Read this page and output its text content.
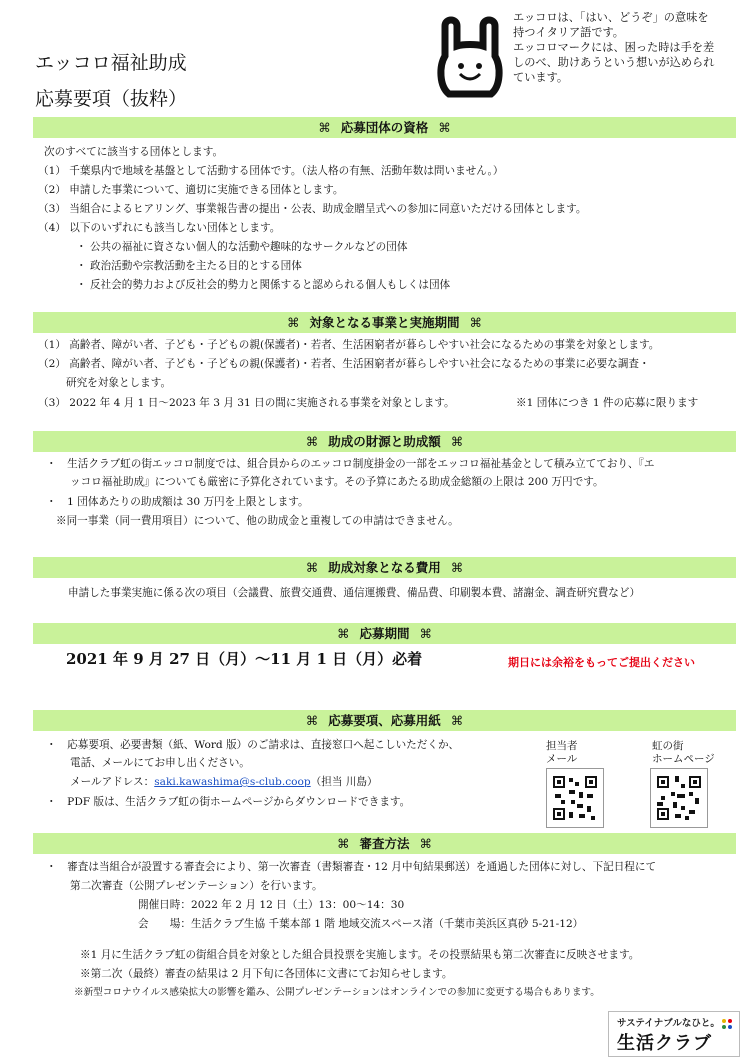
エッコロ福祉助成
応募要項（抜粋）
エッコロは、「はい、どうぞ」の意味を
持つイタリア語です。
エッコロマークには、困った時は手を差
しのべ、助けあうという想いが込められ
ています。
⌘ 応募団体の資格 ⌘
次のすべてに該当する団体とします。
（1） 千葉県内で地域を基盤として活動する団体です。（法人格の有無、活動年数は問いません。）
（2） 申請した事業について、適切に実施できる団体とします。
（3） 当組合によるヒアリング、事業報告書の提出・公表、助成金贈呈式への参加に同意いただける団体とします。
（4） 以下のいずれにも該当しない団体とします。
・ 公共の福祉に資さない個人的な活動や趣味的なサークルなどの団体
・ 政治活動や宗教活動を主たる目的とする団体
・ 反社会的勢力および反社会的勢力と関係すると認められる個人もしくは団体
⌘ 対象となる事業と実施期間 ⌘
（1） 高齢者、障がい者、子ども・子どもの親(保護者)・若者、生活困窮者が暮らしやすい社会になるための事業を対象とします。
（2） 高齢者、障がい者、子ども・子どもの親(保護者)・若者、生活困窮者が暮らしやすい社会になるための事業に必要な調査・
研究を対象とします。
（3） 2022 年 4 月 1 日～2023 年 3 月 31 日の間に実施される事業を対象とします。	※1 団体につき 1 件の応募に限ります
⌘ 助成の財源と助成額 ⌘
・　生活クラブ虹の街エッコロ制度では、組合員からのエッコロ制度掛金の一部をエッコロ福祉基金として積み立てており、『エ
ッコロ福祉助成』についても厳密に予算化されています。その予算にあたる助成金総額の上限は 200 万円です。
・　1 団体あたりの助成額は 30 万円を上限とします。
※同一事業（同一費用項目）について、他の助成金と重複しての申請はできません。
⌘ 助成対象となる費用 ⌘
申請した事業実施に係る次の項目（会議費、旅費交通費、通信運搬費、備品費、印刷製本費、諸謝金、調査研究費など）
⌘ 応募期間 ⌘
2021 年 9 月 27 日（月）～11 月 1 日（月）必着	期日には余裕をもってご提出ください
⌘ 応募要項、応募用紙 ⌘
・　応募要項、必要書類（紙、Word 版）のご請求は、直接窓口へ起こしいただくか、
電話、メールにてお申し出ください。
メールアドレス：saki.kawashima@s-club.coop（担当 川島）
・　PDF 版は、生活クラブ虹の街ホームページからダウンロードできます。
担当者
メール
虹の街
ホームページ
⌘ 審査方法 ⌘
・　審査は当組合が設置する審査会により、第一次審査（書類審査・12 月中旬結果郵送）を通過した団体に対し、下記日程にて
第二次審査（公開プレゼンテーション）を行います。
開催日時：2022 年 2 月 12 日（土）13：00～14：30
会　　場：生活クラブ生協 千葉本部 1 階 地域交流スペース渚（千葉市美浜区真砂 5-21-12）
※1 月に生活クラブ虹の街組合員を対象とした組合員投票を実施します。その投票結果も第二次審査に反映させます。
※第二次（最終）審査の結果は 2 月下旬に各団体に文書にてお知らせします。
※新型コロナウイルス感染拡大の影響を鑑み、公開プレゼンテーションはオンラインでの参加に変更する場合もあります。
サステイナブルなひと。
生活クラブ
